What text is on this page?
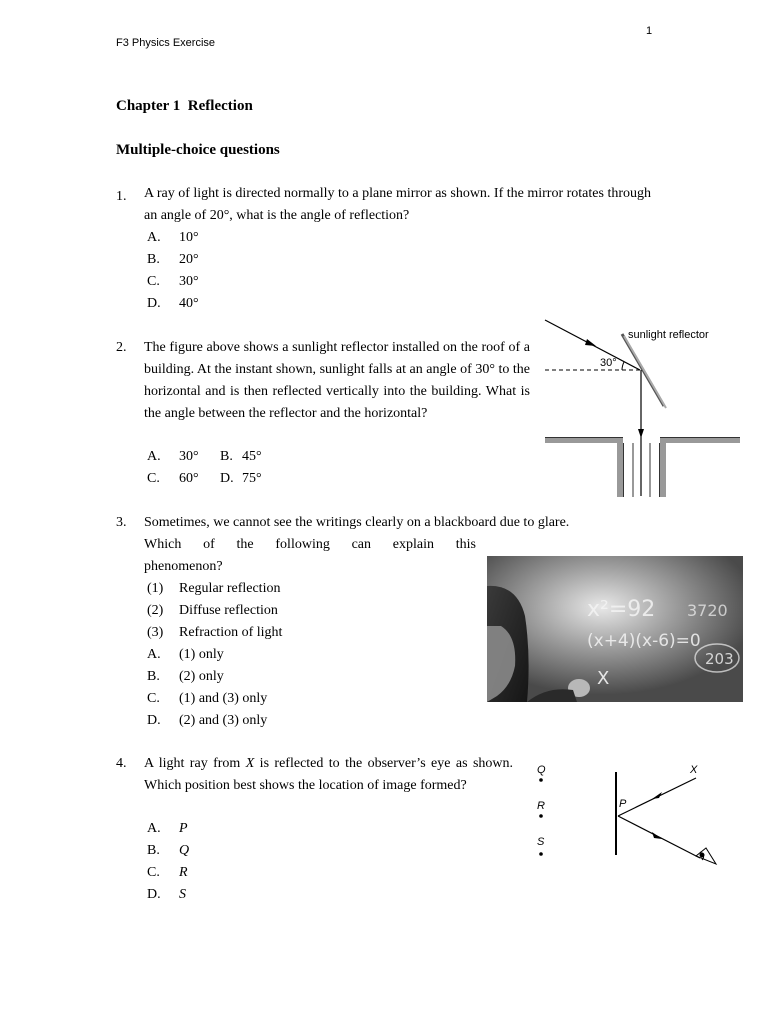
F3 Physics Exercise
1
Chapter 1  Reflection
Multiple-choice questions
1. A ray of light is directed normally to a plane mirror as shown. If the mirror rotates through an angle of 20°, what is the angle of reflection?
A. 10°
B. 20°
C. 30°
D. 40°
2. The figure above shows a sunlight reflector installed on the roof of a building. At the instant shown, sunlight falls at an angle of 30° to the horizontal and is then reflected vertically into the building. What is the angle between the reflector and the horizontal?
A. 30° B. 45°
C. 60° D. 75°
sunlight reflector
30°
3. Sometimes, we cannot see the writings clearly on a blackboard due to glare.
Which of the following can explain this
phenomenon?
(1) Regular reflection
(2) Diffuse reflection
(3) Refraction of light
A. (1) only
B. (2) only
C. (1) and (3) only
D. (2) and (3) only
x²=92 3720
(x+4)(x-6)=0
203
X
4. A light ray from X is reflected to the observer’s eye as shown. Which position best shows the location of image formed?
A. P
B. Q
C. R
D. S
Q
R
S
P
X
